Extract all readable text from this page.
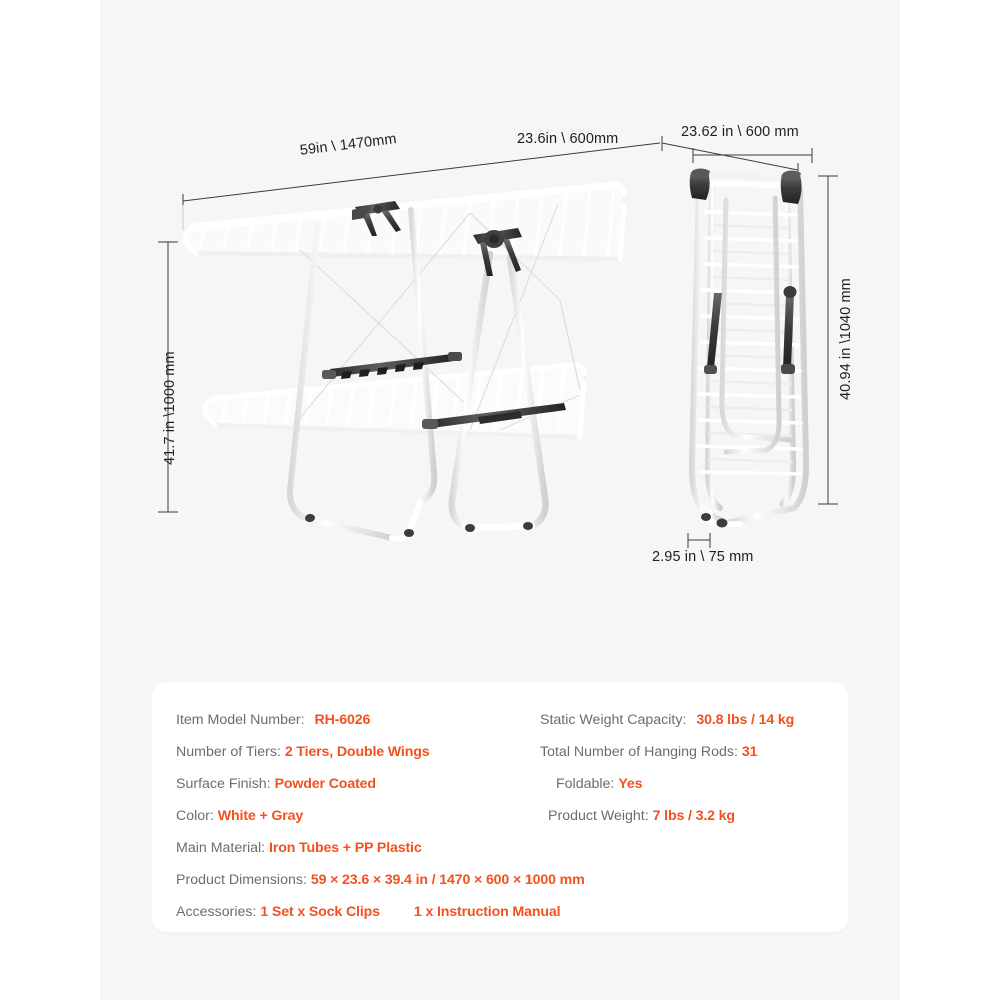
59in \ 1470mm	23.6in \ 600mm
41.7 in \1000 mm
23.62 in \ 600 mm
40.94 in \1040 mm
2.95 in \ 75 mm
Item Model Number: RH-6026
Number of Tiers: 2 Tiers, Double Wings
Surface Finish: Powder Coated
Color: White + Gray
Main Material: Iron Tubes + PP Plastic
Product Dimensions: 59 × 23.6 × 39.4 in / 1470 × 600 × 1000 mm
Accessories: 1 Set x Sock Clips 1 x Instruction Manual
Static Weight Capacity: 30.8 lbs / 14 kg
Total Number of Hanging Rods: 31
Foldable: Yes
Product Weight: 7 lbs / 3.2 kg
